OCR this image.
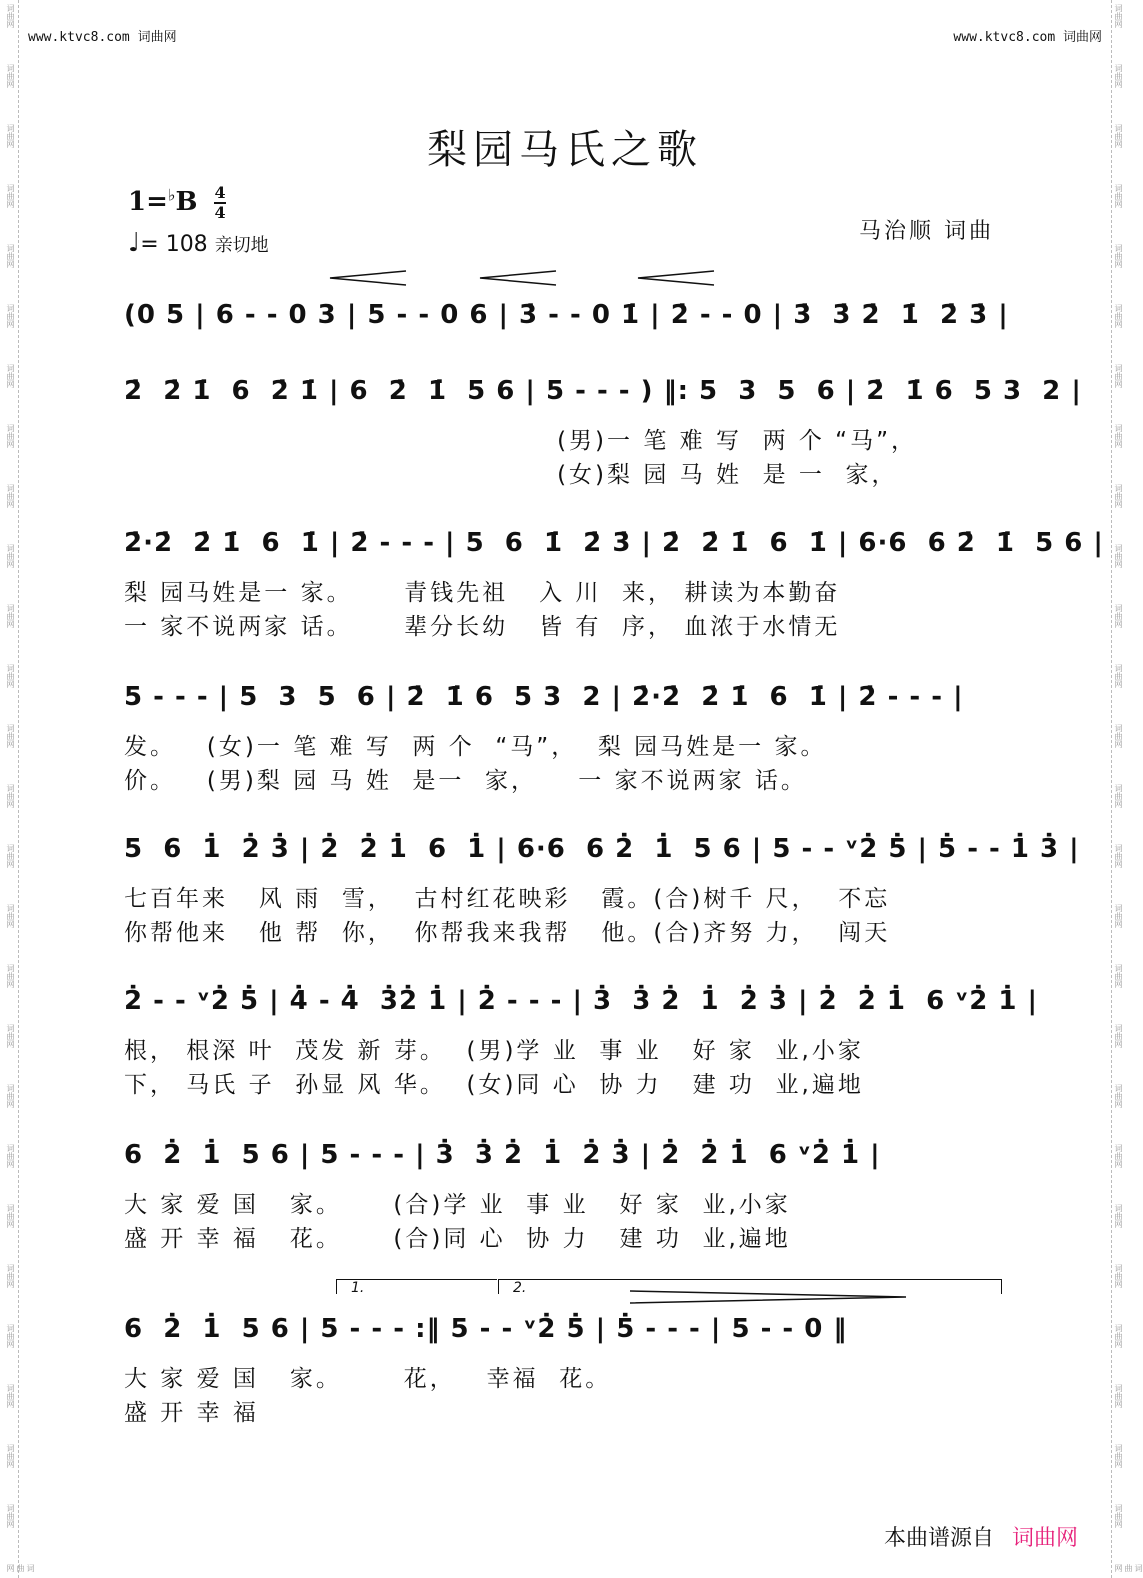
词曲网
词曲网
词曲网
词曲网
词曲网
词曲网
词曲网
词曲网
词曲网
词曲网
词曲网
词曲网
词曲网
词曲网
词曲网
词曲网
词曲网
词曲网
词曲网
词曲网
词曲网
词曲网
词曲网
词曲网
词曲网
词曲网
词曲网
词曲网
词曲网
词曲网
词曲网
词曲网
词曲网
词曲网
词曲网
词曲网
词曲网
词曲网
词曲网
词曲网
词曲网
词曲网
词曲网
词曲网
词曲网
词曲网
词曲网
词曲网
词曲网
词曲网
词曲网
词曲网
词曲网
词曲网
www.ktvc8.com 词曲网	www.ktvc8.com 词曲网
梨园马氏之歌
$1=^♭B \frac{4}{4}$
♩= 108 亲切地
马治顺 词曲
(0 5 | 6 - - 0 3 | 5 - - 0 6 | 3̇ - - 0 1̇ | 2̇ - - 0 | 3̇  3̇ 2̇  1̇  2̇ 3̇ |
2̇  2̇ 1̇  6  2̇ 1̇ | 6  2̇  1̇  5 6 | 5 - - - ) ‖: 5  3  5  6 | 2̇  1̇ 6  5 3  2 |
(男)一 笔 难 写  两 个 “马”，
(女)梨 园 马 姓  是 一  家，
2̇·2̇  2̇ 1̇  6  1̇ | 2̇ - - - | 5  6  1̇  2̇ 3̇ | 2̇  2̇ 1̇  6  1̇ | 6·6  6 2̇  1̇  5 6 |
梨 园马姓是一 家。     青钱先祖   入 川  来， 耕读为本勤奋
一 家不说两家 话。     辈分长幼   皆 有  序， 血浓于水情无
5 - - - | 5  3  5  6 | 2̇  1̇ 6  5 3  2 | 2̇·2̇  2̇ 1̇  6  1̇ | 2̇ - - - |
发。   (女)一 笔 难 写  两 个  “马”，  梨 园马姓是一 家。
价。   (男)梨 园 马 姓  是一  家，    一 家不说两家 话。
5  6  1̇  2̇ 3̇ | 2̇  2̇ 1̇  6  1̇ | 6·6  6 2̇  1̇  5 6 | 5 - - ᵛ2̇ 5̇ | 5̇ - - 1̇ 3̇ |
七百年来   风 雨  雪，  古村红花映彩   霞。(合)树千 尺，  不忘
你帮他来   他 帮  你，  你帮我来我帮   他。(合)齐努 力，  闯天
2̇ - - ᵛ2̇ 5̇ | 4̇ - 4̇  3̇2̇ 1̇ | 2̇ - - - | 3̇  3̇ 2̇  1̇  2̇ 3̇ | 2̇  2̇ 1̇  6 ᵛ2̇ 1̇ |
根， 根深 叶  茂发 新 芽。  (男)学 业  事 业   好 家  业,小家
下， 马氏 子  孙显 风 华。  (女)同 心  协 力   建 功  业,遍地
6  2̇  1̇  5 6 | 5 - - - | 3̇  3̇ 2̇  1̇  2̇ 3̇ | 2̇  2̇ 1̇  6 ᵛ2̇ 1̇ |
大 家 爱 国   家。     (合)学 业  事 业   好 家  业,小家
盛 开 幸 福   花。     (合)同 心  协 力   建 功  业,遍地
1.	2.
6  2̇  1̇  5 6 | 5 - - - :‖ 5 - - ᵛ2̇ 5̇ | 5̇ - - - | 5 - - 0 ‖
大 家 爱 国   家。      花，   幸福  花。
盛 开 幸 福
本曲谱源自 词曲网
